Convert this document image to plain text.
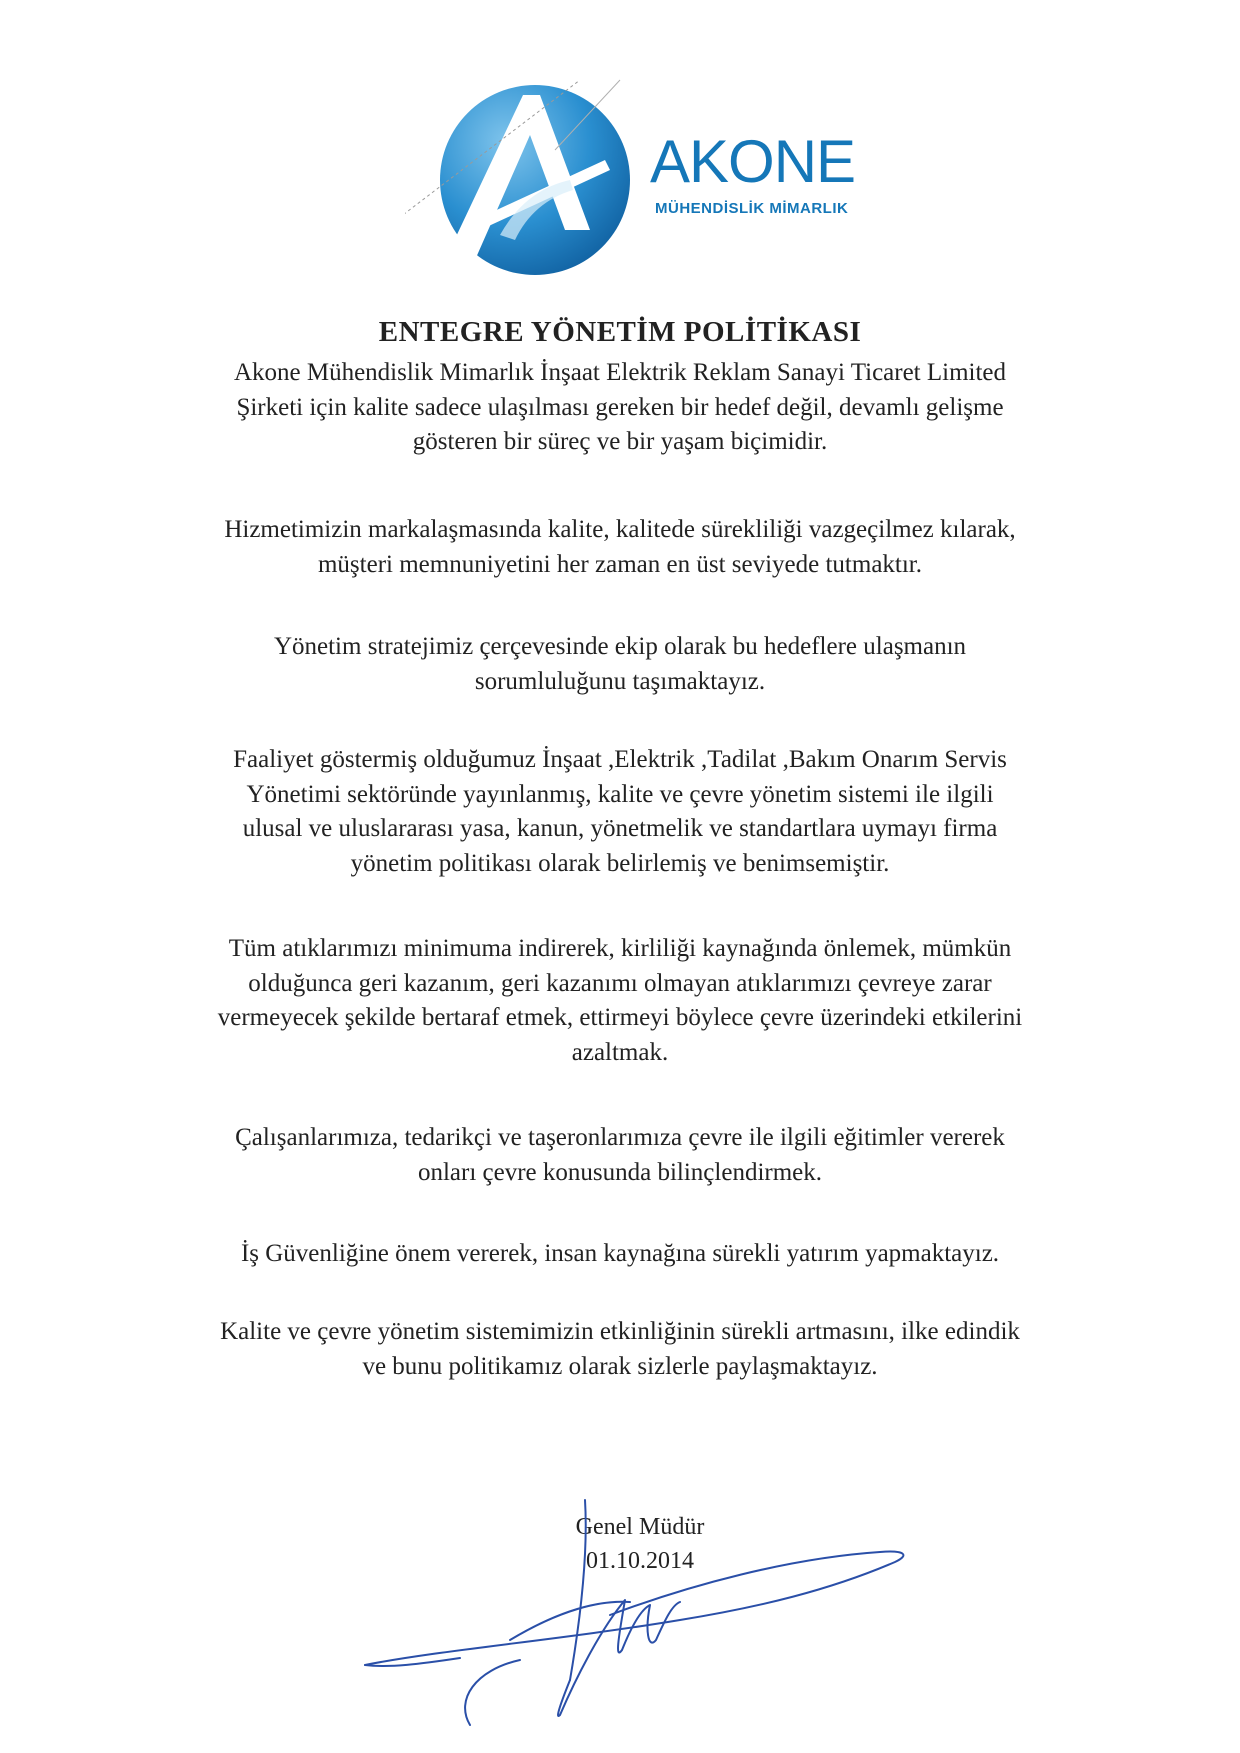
AKONE
MÜHENDİSLİK MİMARLIK
ENTEGRE YÖNETİM POLİTİKASI
Akone Mühendislik Mimarlık İnşaat Elektrik Reklam Sanayi Ticaret Limited
Şirketi için kalite sadece ulaşılması gereken bir hedef değil, devamlı gelişme
gösteren bir süreç ve bir yaşam biçimidir.
Hizmetimizin markalaşmasında kalite, kalitede sürekliliği vazgeçilmez kılarak,
müşteri memnuniyetini her zaman en üst seviyede tutmaktır.
Yönetim stratejimiz çerçevesinde ekip olarak bu hedeflere ulaşmanın
sorumluluğunu taşımaktayız.
Faaliyet göstermiş olduğumuz İnşaat ,Elektrik ,Tadilat ,Bakım Onarım Servis
Yönetimi sektöründe yayınlanmış, kalite ve çevre yönetim sistemi ile ilgili
ulusal ve uluslararası yasa, kanun, yönetmelik ve standartlara uymayı firma
yönetim politikası olarak belirlemiş ve benimsemiştir.
Tüm atıklarımızı minimuma indirerek, kirliliği kaynağında önlemek, mümkün
olduğunca geri kazanım, geri kazanımı olmayan atıklarımızı çevreye zarar
vermeyecek şekilde bertaraf etmek, ettirmeyi böylece çevre üzerindeki etkilerini
azaltmak.
Çalışanlarımıza, tedarikçi ve taşeronlarımıza çevre ile ilgili eğitimler vererek
onları çevre konusunda bilinçlendirmek.
İş Güvenliğine önem vererek, insan kaynağına sürekli yatırım yapmaktayız.
Kalite ve çevre yönetim sistemimizin etkinliğinin sürekli artmasını, ilke edindik
ve bunu politikamız olarak sizlerle paylaşmaktayız.
Genel Müdür
01.10.2014
